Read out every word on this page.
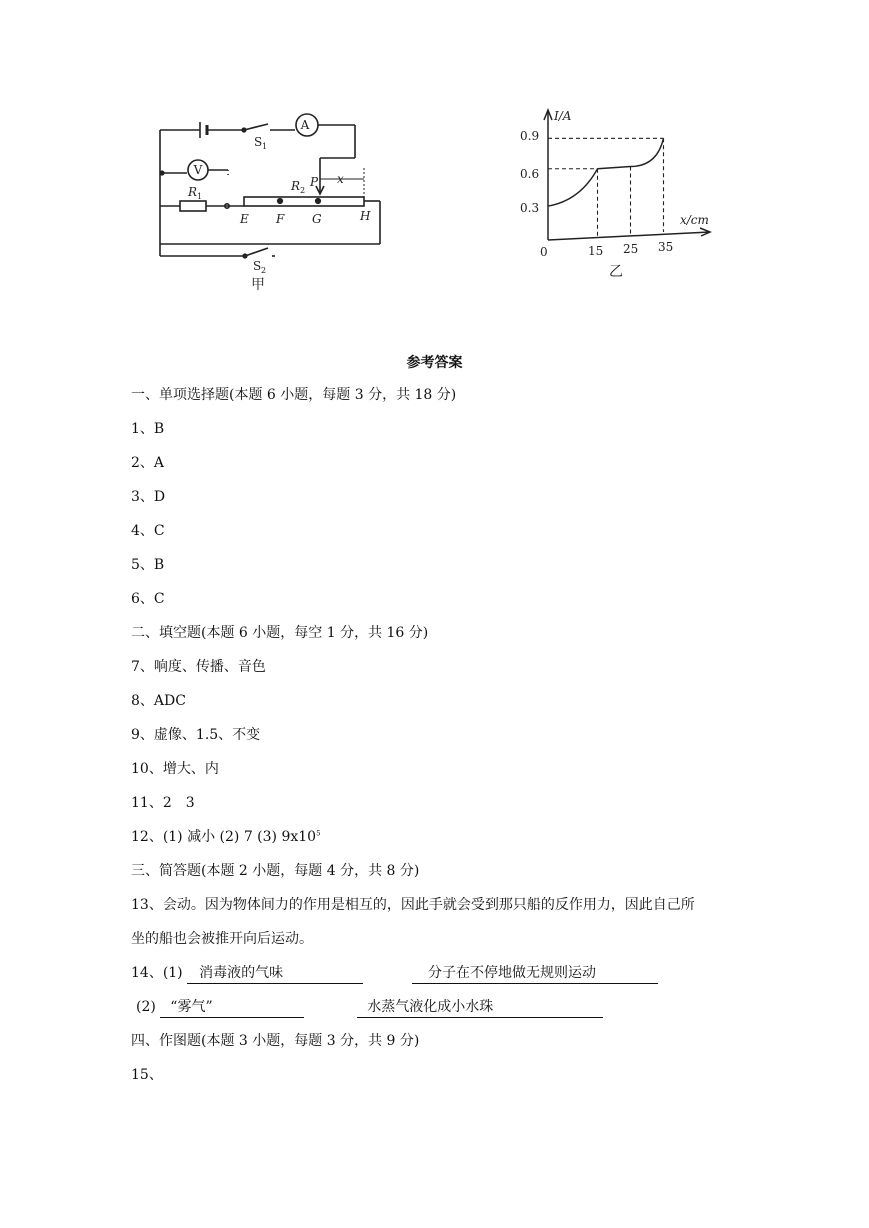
A
V
S 1
R 1
R 2
P x
E F G	H
S 2
甲
I/A
x/cm
0
0.9
0.6
0.3
15 25 35
乙
参考答案
一、单项选择题(本题 6 小题，每题 3 分，共 18 分)
1、B
2、A
3、D
4、C
5、B
6、C
二、填空题(本题 6 小题，每空 1 分，共 16 分)
7、响度、传播、音色
8、ADC
9、虚像、1.5、不变
10、增大、内
11、2　3
12、(1) 减小 (2) 7 (3) $9x10^5$
三、简答题(本题 2 小题，每题 4 分，共 8 分)
13、会动。因为物体间力的作用是相互的，因此手就会受到那只船的反作用力，因此自己所
坐的船也会被推开向后运动。
14、(1) 消毒液的气味	分子在不停地做无规则运动
(2) “雾气”	水蒸气液化成小水珠
四、作图题(本题 3 小题，每题 3 分，共 9 分)
15、
